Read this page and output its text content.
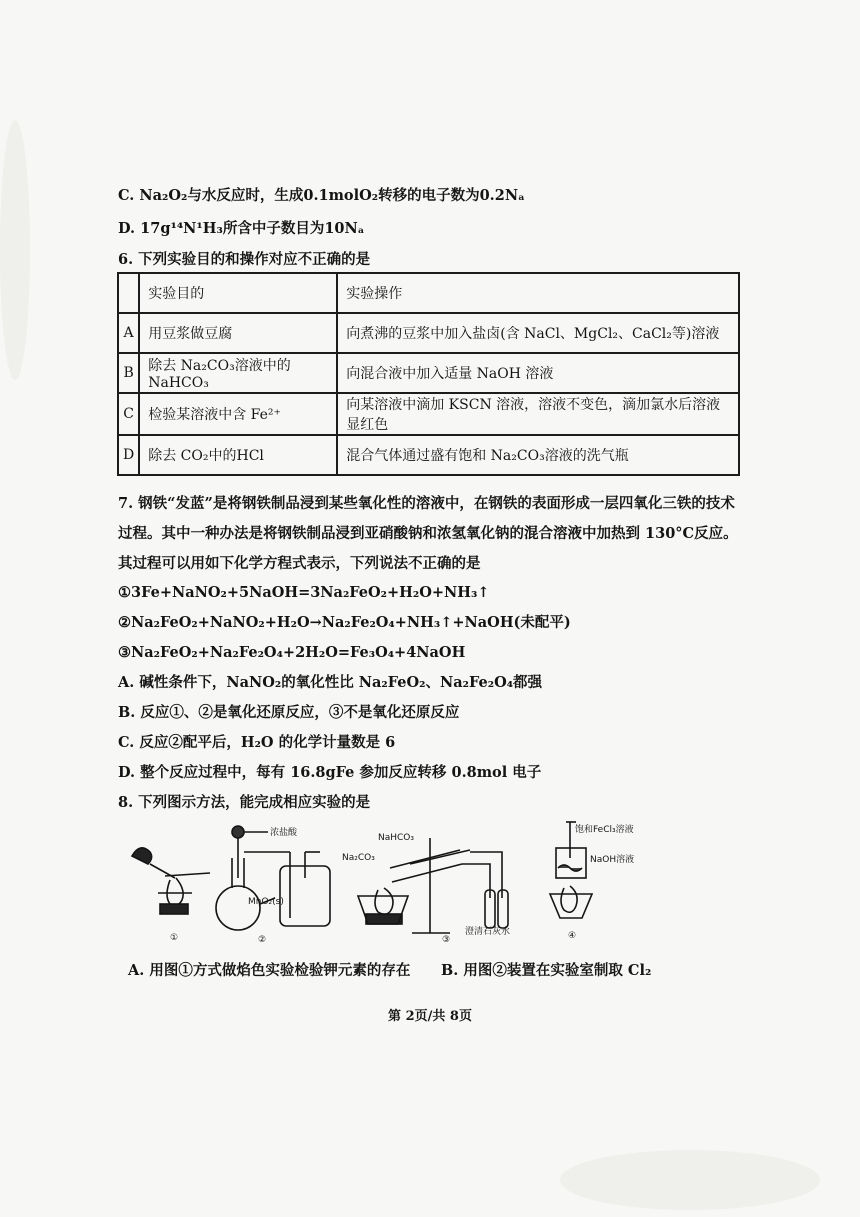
C. Na₂O₂与水反应时，生成0.1molO₂转移的电子数为0.2Nₐ
D. 17g¹⁴N¹H₃所含中子数目为10Nₐ
6. 下列实验目的和操作对应不正确的是
	实验目的	实验操作
A	用豆浆做豆腐	向煮沸的豆浆中加入盐卤(含 NaCl、MgCl₂、CaCl₂等)溶液
B	除去 Na₂CO₃溶液中的 NaHCO₃	向混合液中加入适量 NaOH 溶液
C	检验某溶液中含 Fe²⁺	向某溶液中滴加 KSCN 溶液，溶液不变色，滴加氯水后溶液显红色
D	除去 CO₂中的HCl	混合气体通过盛有饱和 Na₂CO₃溶液的洗气瓶
7. 钢铁“发蓝”是将钢铁制品浸到某些氧化性的溶液中，在钢铁的表面形成一层四氧化三铁的技术过程。其中一种办法是将钢铁制品浸到亚硝酸钠和浓氢氧化钠的混合溶液中加热到 130°C反应。其过程可以用如下化学方程式表示，下列说法不正确的是
①3Fe+NaNO₂+5NaOH=3Na₂FeO₂+H₂O+NH₃↑
②Na₂FeO₂+NaNO₂+H₂O→Na₂Fe₂O₄+NH₃↑+NaOH(未配平)
③Na₂FeO₂+Na₂Fe₂O₄+2H₂O=Fe₃O₄+4NaOH
A. 碱性条件下，NaNO₂的氧化性比 Na₂FeO₂、Na₂Fe₂O₄都强
B. 反应①、②是氧化还原反应，③不是氧化还原反应
C. 反应②配平后，H₂O 的化学计量数是 6
D. 整个反应过程中，每有 16.8gFe 参加反应转移 0.8mol 电子
8. 下列图示方法，能完成相应实验的是
①
浓盐酸
MnO₂(s)
②
NaHCO₃
Na₂CO₃
澄清石灰水
③
饱和FeCl₃溶液
NaOH溶液
④
A. 用图①方式做焰色实验检验钾元素的存在 B. 用图②装置在实验室制取 Cl₂
第 2页/共 8页
